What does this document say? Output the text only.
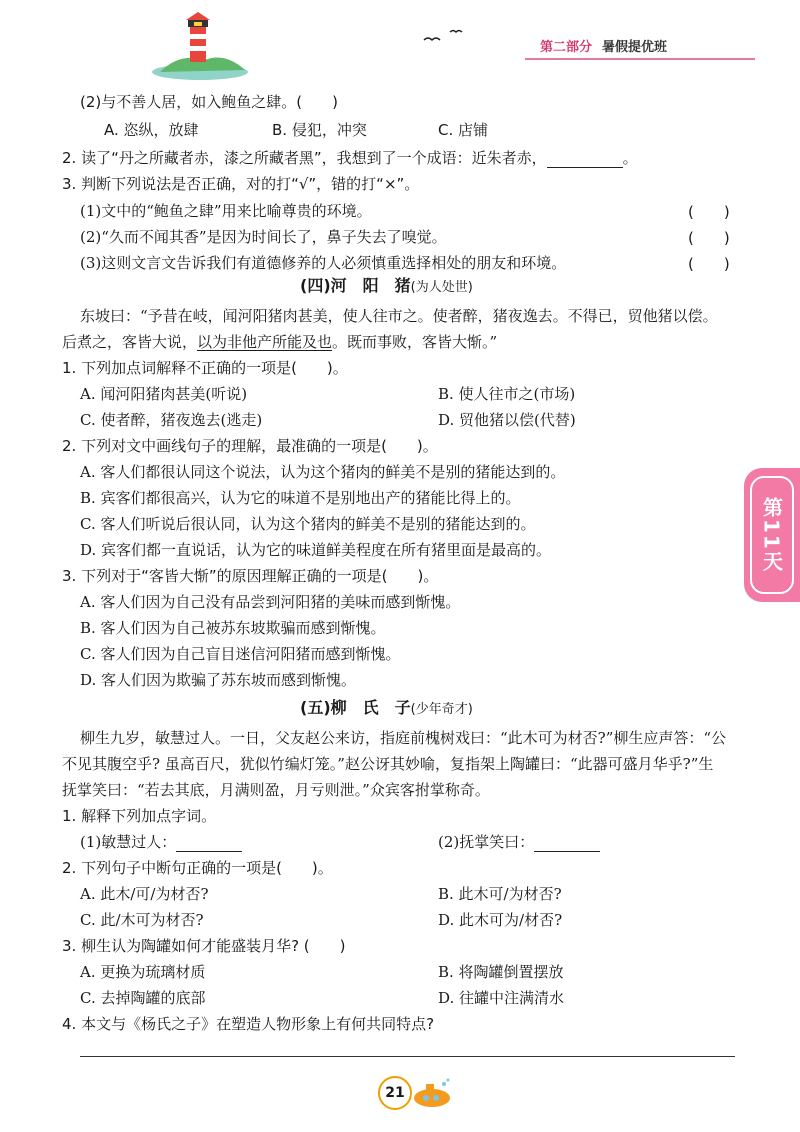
第二部分 暑假提优班
第11天
(2)与不善人居，如入鲍鱼之肆。(　　)
A. 恣纵，放肆	B. 侵犯，冲突	C. 店铺
2. 读了“丹之所藏者赤，漆之所藏者黑”，我想到了一个成语：近朱者赤，	。
3. 判断下列说法是否正确，对的打“√”，错的打“×”。
(1)文中的“鲍鱼之肆”用来比喻尊贵的环境。	(　　)
(2)“久而不闻其香”是因为时间长了，鼻子失去了嗅觉。	(　　)
(3)这则文言文告诉我们有道德修养的人必须慎重选择相处的朋友和环境。	(　　)
(四)河　阳　猪(为人处世)
东坡曰：“予昔在岐，闻河阳猪肉甚美，使人往市之。使者醉，猪夜逸去。不得已，贸他猪以偿。
后煮之，客皆大说，以为非他产所能及也。既而事败，客皆大惭。”
1. 下列加点词解释不正确的一项是(　　)。
A. 闻河阳猪肉甚美(听说)	B. 使人往市之(市场)
C. 使者醉，猪夜逸去(逃走)	D. 贸他猪以偿(代替)
2. 下列对文中画线句子的理解，最准确的一项是(　　)。
A. 客人们都很认同这个说法，认为这个猪肉的鲜美不是别的猪能达到的。
B. 宾客们都很高兴，认为它的味道不是别地出产的猪能比得上的。
C. 客人们听说后很认同，认为这个猪肉的鲜美不是别的猪能达到的。
D. 宾客们都一直说话，认为它的味道鲜美程度在所有猪里面是最高的。
3. 下列对于“客皆大惭”的原因理解正确的一项是(　　)。
A. 客人们因为自己没有品尝到河阳猪的美味而感到惭愧。
B. 客人们因为自己被苏东坡欺骗而感到惭愧。
C. 客人们因为自己盲目迷信河阳猪而感到惭愧。
D. 客人们因为欺骗了苏东坡而感到惭愧。
(五)柳　氏　子(少年奇才)
柳生九岁，敏慧过人。一日，父友赵公来访，指庭前槐树戏曰：“此木可为材否?”柳生应声答：“公
不见其腹空乎? 虽高百尺，犹似竹编灯笼。”赵公讶其妙喻，复指架上陶罐曰：“此器可盛月华乎?”生
抚掌笑曰：“若去其底，月满则盈，月亏则泄。”众宾客拊掌称奇。
1. 解释下列加点字词。
(1)敏慧过人：	(2)抚掌笑曰：
2. 下列句子中断句正确的一项是(　　)。
A. 此木/可/为材否?	B. 此木可/为材否?
C. 此/木可为材否?	D. 此木可为/材否?
3. 柳生认为陶罐如何才能盛装月华? (　　)
A. 更换为琉璃材质	B. 将陶罐倒置摆放
C. 去掉陶罐的底部	D. 往罐中注满清水
4. 本文与《杨氏之子》在塑造人物形象上有何共同特点?
21
